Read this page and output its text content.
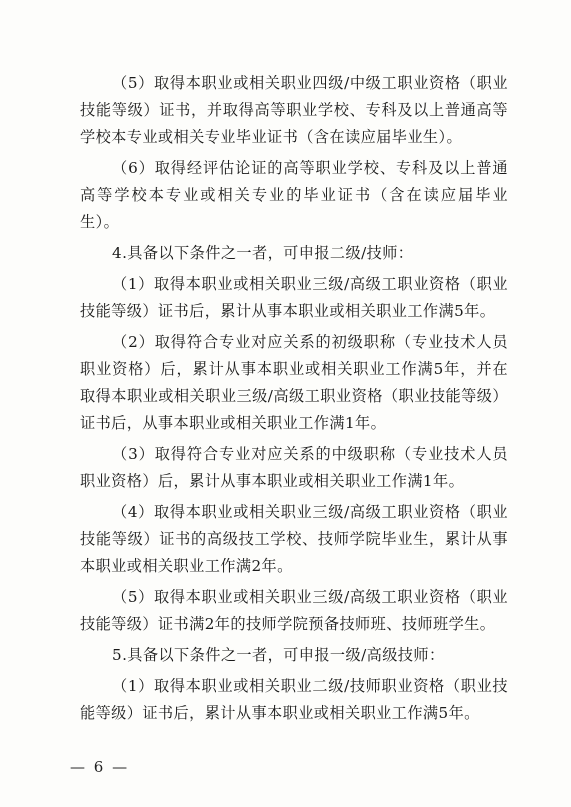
（5）取得本职业或相关职业四级/中级工职业资格（职业技能等级）证书，并取得高等职业学校、专科及以上普通高等学校本专业或相关专业毕业证书（含在读应届毕业生）。

（6）取得经评估论证的高等职业学校、专科及以上普通高等学校本专业或相关专业的毕业证书（含在读应届毕业生）。

4.具备以下条件之一者，可申报二级/技师：

（1）取得本职业或相关职业三级/高级工职业资格（职业技能等级）证书后，累计从事本职业或相关职业工作满5年。

（2）取得符合专业对应关系的初级职称（专业技术人员职业资格）后，累计从事本职业或相关职业工作满5年，并在取得本职业或相关职业三级/高级工职业资格（职业技能等级）证书后，从事本职业或相关职业工作满1年。

（3）取得符合专业对应关系的中级职称（专业技术人员职业资格）后，累计从事本职业或相关职业工作满1年。

（4）取得本职业或相关职业三级/高级工职业资格（职业技能等级）证书的高级技工学校、技师学院毕业生，累计从事本职业或相关职业工作满2年。

（5）取得本职业或相关职业三级/高级工职业资格（职业技能等级）证书满2年的技师学院预备技师班、技师班学生。

5.具备以下条件之一者，可申报一级/高级技师：

（1）取得本职业或相关职业二级/技师职业资格（职业技能等级）证书后，累计从事本职业或相关职业工作满5年。

— 6 —
